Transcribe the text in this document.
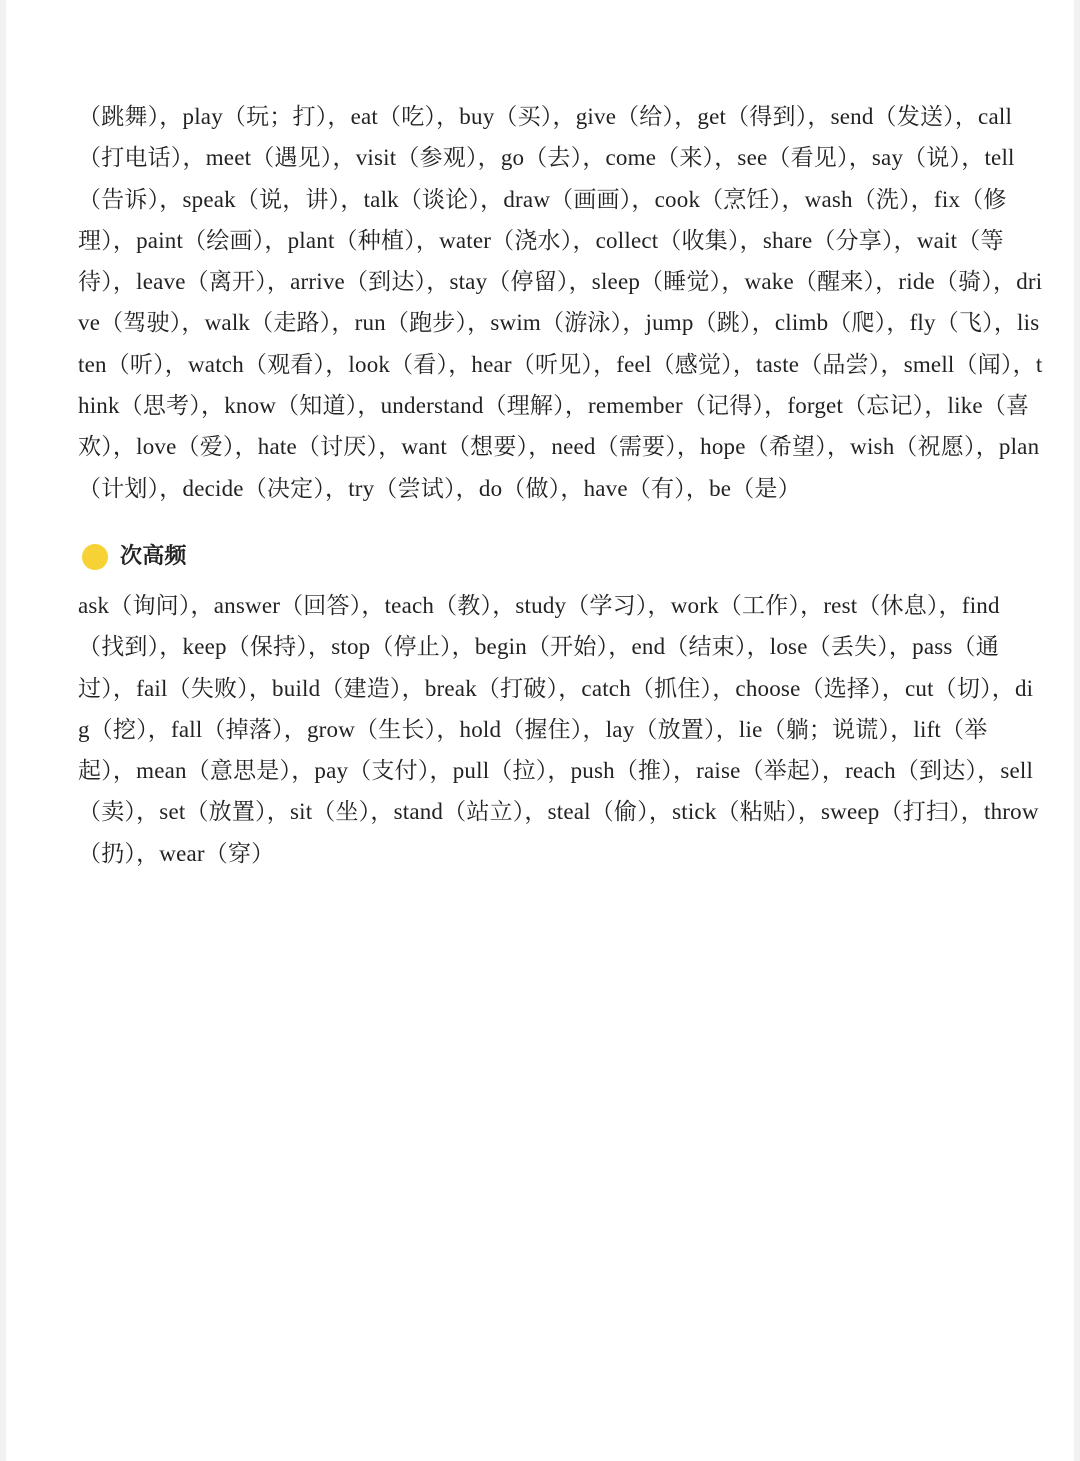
（跳舞），play（玩；打），eat（吃），buy（买），give（给），get（得到），send（发送），call（打电话），meet（遇见），visit（参观），go（去），come（来），see（看见），say（说），tell（告诉），speak（说，讲），talk（谈论），draw（画画），cook（烹饪），wash（洗），fix（修理），paint（绘画），plant（种植），water（浇水），collect（收集），share（分享），wait（等待），leave（离开），arrive（到达），stay（停留），sleep（睡觉），wake（醒来），ride（骑），drive（驾驶），walk（走路），run（跑步），swim（游泳），jump（跳），climb（爬），fly（飞），listen（听），watch（观看），look（看），hear（听见），feel（感觉），taste（品尝），smell（闻），think（思考），know（知道），understand（理解），remember（记得），forget（忘记），like（喜欢），love（爱），hate（讨厌），want（想要），need（需要），hope（希望），wish（祝愿），plan（计划），decide（决定），try（尝试），do（做），have（有），be（是）

次高频

ask（询问），answer（回答），teach（教），study（学习），work（工作），rest（休息），find（找到），keep（保持），stop（停止），begin（开始），end（结束），lose（丢失），pass（通过），fail（失败），build（建造），break（打破），catch（抓住），choose（选择），cut（切），dig（挖），fall（掉落），grow（生长），hold（握住），lay（放置），lie（躺；说谎），lift（举起），mean（意思是），pay（支付），pull（拉），push（推），raise（举起），reach（到达），sell（卖），set（放置），sit（坐），stand（站立），steal（偷），stick（粘贴），sweep（打扫），throw（扔），wear（穿）
